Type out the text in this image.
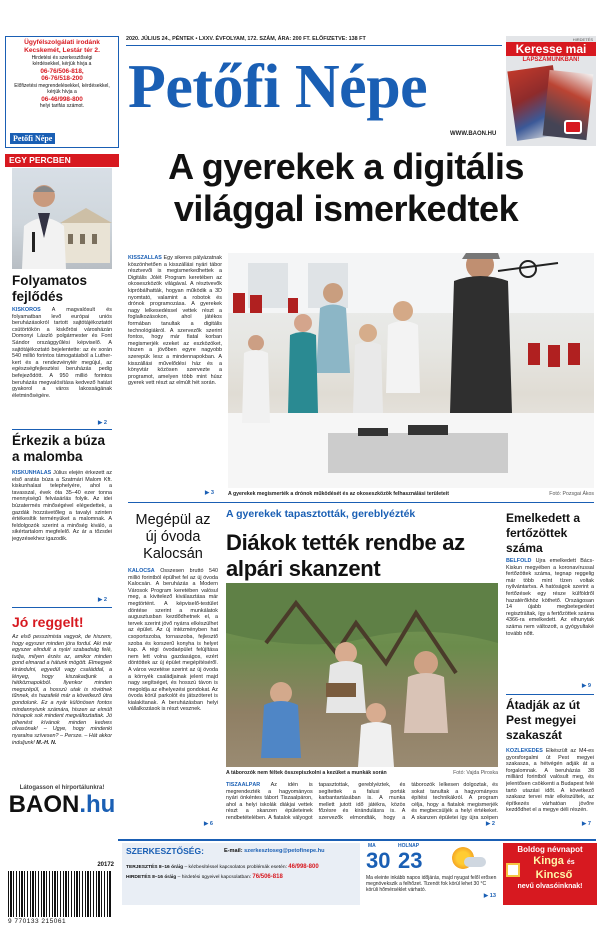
Ügyfélszolgálati irodánk
Kecskemét, Lestár tér 2.
Hirdetési és szerkesztőségi
kérdésekkel, kérjük hívja a
06-76/506-818,
06-76/518-200
Előfizetési megrendelésekkel, kérdésekkel,
kérjük hívja a
06-46/998-800
helyi tarifás számot.
Petőfi Népe
2020. JÚLIUS 24., PÉNTEK • LXXV. ÉVFOLYAM, 172. SZÁM, ÁRA: 200 FT. ELŐFIZETVE: 138 FT
Petőfi Népe
WWW.BAON.HU
HIRDETÉS
Keresse mai
LAPSZÁMUNKBAN!
EGY PERCBEN
Folyamatos fejlődés
KISKŐRÖS A magvalósult és folyamatban levő európai uniós beruházásokról tartott sajtótájékoztatót csütörtökön a kiskőrösi városházán Domonyi László polgármester és Font Sándor országgyűlési képviselő. A sajtótájékoztató bejelentette: az év során 540 millió forintos támogatásból a Luther-kert és a rendezvénytér megújul, az egészségfejlesztési beruházás pedig befejeződött. A 950 millió forintos beruházás megvalósítása kedvező hatást gyakorol a város lakosságának életminőségére.
▶ 2
Érkezik a búza a malomba
KISKUNHALAS Július elején érkezett az első aratás búza a Szatmári Malom Kft. kiskunhalasi telephelyére, ahol a tavasszal, évek óta 35–40 ezer tonna mennyiségű felvásárlás folyik. Az idei búzatermés minőségével elégedettek, a gazdák hozzávetőleg a tavalyi szinten értékesítik terményüket a malomnak. A feldolgozók szerint a minőség kiváló, a sikértartalom megfelelő. Az ár a tőzsdei jegyzésekhez igazodik.
▶ 2
Jó reggelt!
Az első pesszimista vagyok, de hiszem, hogy egyszer minden jóra fordul. Aki már egyszer elindult a nyári szabadság felé, tudja, milyen érzés az, amikor minden gond elmarad a hátunk mögött. Elmegyek kirándulni, egyedül vagy családdal, a lényeg, hogy kiszakadjunk a hétköznapokból. Ilyenkor minden megszépül, a hosszú utak is rövidnek tűnnek, és hazafelé már a következő útra gondolunk. Ez a nyár különösen fontos mindannyiunk számára, hiszen az elmúlt hónapok sok mindent megváltoztattak. Jó pihenést kívánok minden kedves olvasónak! – Ugye, hogy mindenki nyaralna szívesen? – Persze. – Hát akkor induljunk! M.-H. N.
Látogasson el hírportálunkra!
BAON.hu
20172
9 770133 215061
A gyerekek a digitális világgal ismerkedtek
A gyerekek megismerték a drónok működését és az okoseszközök felhasználási területeit	Fotó: Pozsgai Ákos
KISSZÁLLÁS Egy sikeres pályázatnak köszönhetően a kisszállási nyári tábor résztvevői is megismerkedhettek a Digitális Jólét Program keretében az okoseszközök világával. A résztvevők kipróbálhatták, hogyan működik a 3D nyomtató, valamint a robotok és drónok programozása. A gyerekek nagy lelkesedéssel vettek részt a foglalkozásokon, ahol játékos formában tanultak a digitális technológiákról. A szervezők szerint fontos, hogy már fiatal korban megismerjék ezeket az eszközöket, hiszen a jövőben egyre nagyobb szerepük lesz a mindennapokban. A kisszállási művelődési ház és a könyvtár közösen szervezte a programot, amelyen több mint húsz gyerek vett részt az elmúlt hét során.
▶ 3
Megépül az új óvoda Kalocsán
KALOCSA Összesen bruttó 540 millió forintból épülhet fel az új óvoda Kalocsán. A beruházás a Modern Városok Program keretében valósul meg, a kivitelező kiválasztása már megtörtént. A képviselő-testület döntése szerint a munkálatok augusztusban kezdődhetnek el, a tervek szerint jövő nyárra elkészülhet az épület. Az új intézményben hat csoportszoba, tornaszoba, fejlesztő szoba és korszerű konyha is helyet kap. A régi óvodaépület felújítása nem lett volna gazdaságos, ezért döntöttek az új épület megépítéséről. A város vezetése szerint az új óvoda a környék családjainak jelent majd nagy segítséget, és hosszú távon is megoldja az elhelyezési gondokat. Az óvoda körül parkolót és játszóteret is kialakítanak. A beruházásban helyi vállalkozások is részt vesznek.
▶ 6
A gyerekek tapasztották, gereblyézték
Diákok tették rendbe az alpári skanzent
A táborozók nem féltek összepiszkolni a kezüket a munkák során	Fotó: Vajda Piroska
TISZAALPÁR Az idén is megrendezték a hagyományos nyári önkéntes tábort Tiszaalpáron, ahol a helyi iskolák diákjai vettek részt a skanzen épületeinek rendbetételében. A fiatalok vályogot tapasztottak, gereblyéztek, és segítettek a falusi porták karbantartásában is. A munka mellett jutott idő játékra, közös főzésre és kirándulásra is. A szervezők elmondták, hogy a táborozók lelkesen dolgoztak, és sokat tanultak a hagyományos építési technikákról. A program célja, hogy a fiatalok megismerjék és megbecsüljék a helyi értékeket. A skanzen épületei így újra szépen
▶ 2
Emelkedett a fertőzöttek száma
BELFÖLD Újra emelkedett Bács-Kiskun megyében a koronavírussal fertőzöttek száma, tegnap reggelig már több mint tízen voltak nyilvántartva. A hatóságok szerint a fertőzések egy része külföldről hazatérőkhöz köthető. Országosan 14 újabb megbetegedést regisztráltak, így a fertőzöttek száma 4366-ra emelkedett. Az elhunytak száma nem változott, a gyógyultaké tovább nőtt.
▶ 9
Átadják az út Pest megyei szakaszát
KÖZLEKEDÉS Elkészült az M4-es gyorsforgalmi út Pest megyei szakasza, a hétvégén adják át a forgalomnak. A beruházás 38 milliárd forintból valósult meg, és jelentősen csökkenti a Budapest felé tartó utazási időt. A következő szakasz tervei már elkészültek, az építkezés várhatóan jövőre kezdődhet el a megye déli részén.
▶ 7
SZERKESZTŐSÉG:	E-mail: szerkesztoseg@petofinepe.hu
TERJESZTÉS 8–16 óráig – kézbesítéssel kapcsolatos problémák esetén: 46/998-800
HIRDETÉS 8–16 óráig – hirdetési ügyeivel kapcsolatban: 76/506-818
MA
30
HOLNAP
23
Ma eleinte inkább napos időjárás, majd nyugat felől erősen megnövekszik a felhőzet. Tizenöt fok körül lehet 30 °C körüli hőmérséklet várható.
▶ 13
Boldog névnapot
Kinga és
Kincső
nevű olvasóinknak!
